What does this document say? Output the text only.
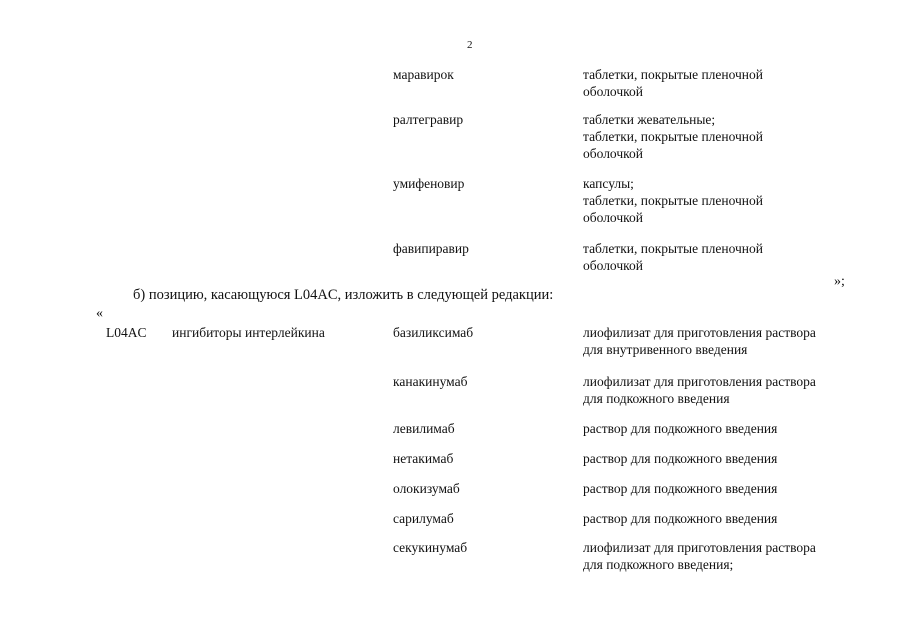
2
маравирок	таблетки, покрытые пленочной
оболочкой
ралтегравир	таблетки жевательные;
таблетки, покрытые пленочной
оболочкой
умифеновир	капсулы;
таблетки, покрытые пленочной
оболочкой
фавипиравир	таблетки, покрытые пленочной
оболочкой
»;
б) позицию, касающуюся L04AC, изложить в следующей редакции:
«
L04AC ингибиторы интерлейкина	базиликсимаб	лиофилизат для приготовления раствора
для внутривенного введения
канакинумаб	лиофилизат для приготовления раствора
для подкожного введения
левилимаб	раствор для подкожного введения
нетакимаб	раствор для подкожного введения
олокизумаб	раствор для подкожного введения
сарилумаб	раствор для подкожного введения
секукинумаб	лиофилизат для приготовления раствора
для подкожного введения;
